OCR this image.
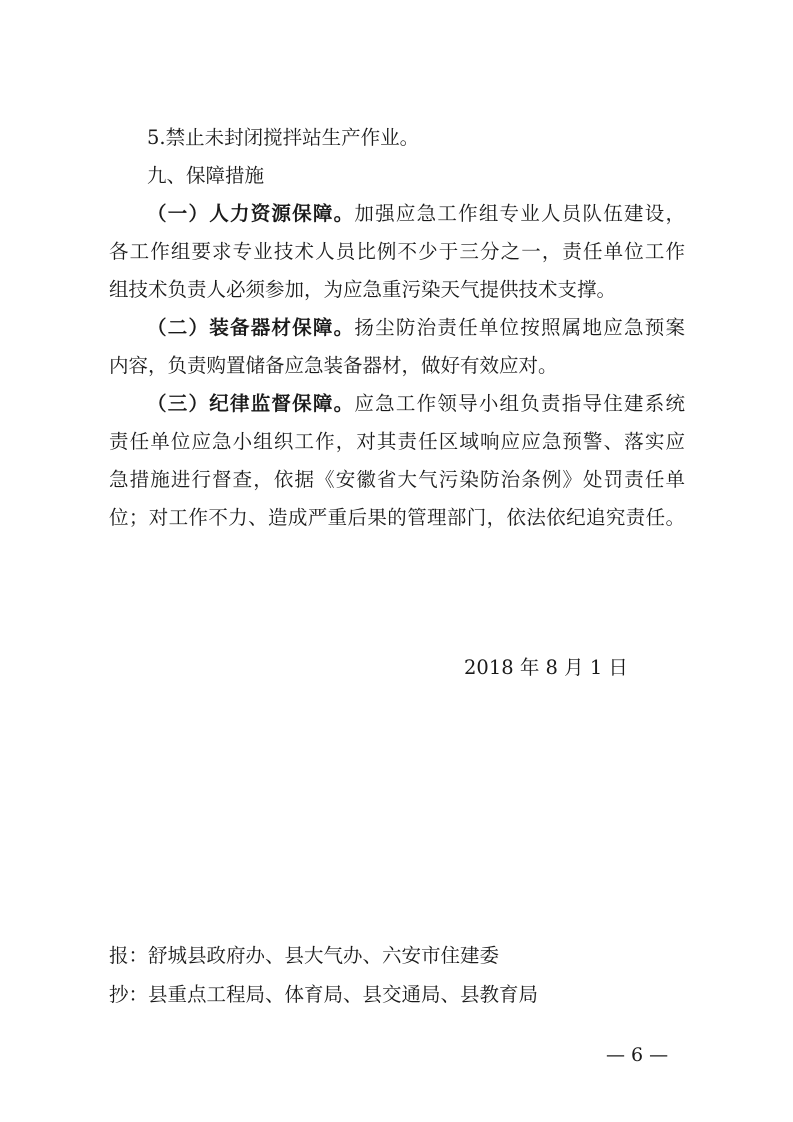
5.禁止未封闭搅拌站生产作业。
九、保障措施
（一）人力资源保障。加强应急工作组专业人员队伍建设，
各工作组要求专业技术人员比例不少于三分之一，责任单位工作
组技术负责人必须参加，为应急重污染天气提供技术支撑。
（二）装备器材保障。扬尘防治责任单位按照属地应急预案
内容，负责购置储备应急装备器材，做好有效应对。
（三）纪律监督保障。应急工作领导小组负责指导住建系统
责任单位应急小组织工作，对其责任区域响应应急预警、落实应
急措施进行督查，依据《安徽省大气污染防治条例》处罚责任单
位；对工作不力、造成严重后果的管理部门，依法依纪追究责任。
2018 年 8 月 1 日
报：舒城县政府办、县大气办、六安市住建委
抄：县重点工程局、体育局、县交通局、县教育局
— 6 —
